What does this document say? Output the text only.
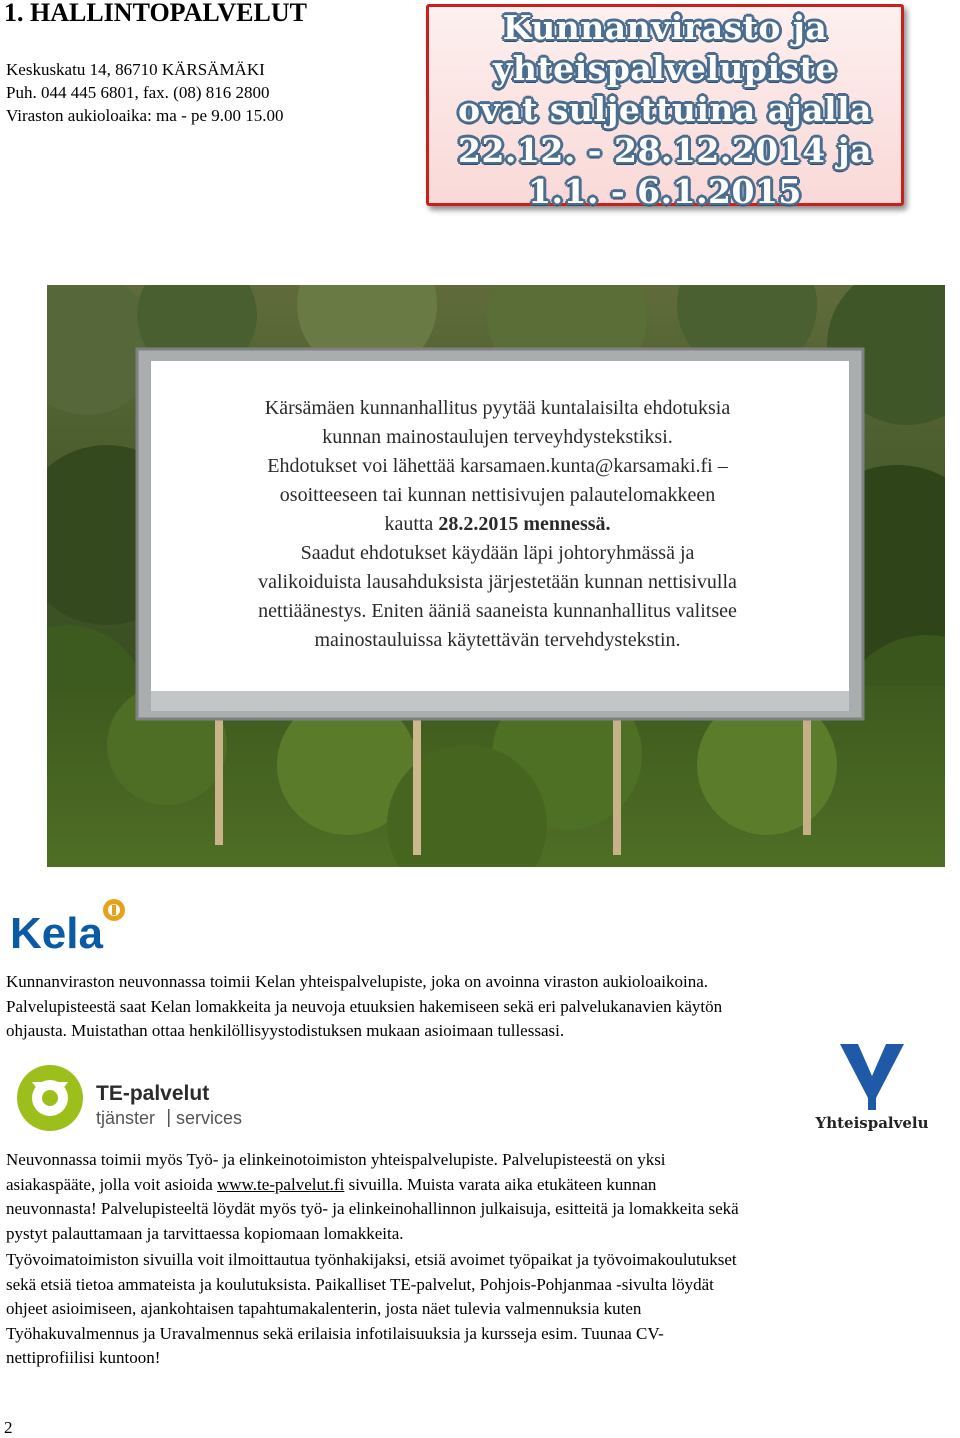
1. HALLINTOPALVELUT
Keskuskatu 14, 86710 KÄRSÄMÄKI
Puh. 044 445 6801, fax. (08) 816 2800
Viraston aukioloaika: ma - pe 9.00 15.00
Kunnanvirasto ja
yhteispalvelupiste
ovat suljettuina ajalla
22.12. - 28.12.2014 ja
1.1. - 6.1.2015
Kärsämäen kunnanhallitus pyytää kuntalaisilta ehdotuksia
kunnan mainostaulujen terveyhdystekstiksi.
Ehdotukset voi lähettää karsamaen.kunta@karsamaki.fi –
osoitteeseen tai kunnan nettisivujen palautelomakkeen
kautta 28.2.2015 mennessä.
Saadut ehdotukset käydään läpi johtoryhmässä ja
valikoiduista lausahduksista järjestetään kunnan nettisivulla
nettiäänestys. Eniten ääniä saaneista kunnanhallitus valitsee
mainostauluissa käytettävän tervehdystekstin.
Kela
Kunnanviraston neuvonnassa toimii Kelan yhteispalvelupiste, joka on avoinna viraston aukioloaikoina.
Palvelupisteestä saat Kelan lomakkeita ja neuvoja etuuksien hakemiseen sekä eri palvelukanavien käytön
ohjausta. Muistathan ottaa henkilöllisyystodistuksen mukaan asioimaan tullessasi.
TE-palvelut
tjänster services	Yhteispalvelu
Neuvonnassa toimii myös Työ- ja elinkeinotoimiston yhteispalvelupiste. Palvelupisteestä on yksi
asiakaspääte, jolla voit asioida www.te-palvelut.fi sivuilla. Muista varata aika etukäteen kunnan
neuvonnasta! Palvelupisteeltä löydät myös työ- ja elinkeinohallinnon julkaisuja, esitteitä ja lomakkeita sekä
pystyt palauttamaan ja tarvittaessa kopiomaan lomakkeita.
Työvoimatoimiston sivuilla voit ilmoittautua työnhakijaksi, etsiä avoimet työpaikat ja työvoimakoulutukset
sekä etsiä tietoa ammateista ja koulutuksista. Paikalliset TE-palvelut, Pohjois-Pohjanmaa -sivulta löydät
ohjeet asioimiseen, ajankohtaisen tapahtumakalenterin, josta näet tulevia valmennuksia kuten
Työhakuvalmennus ja Uravalmennus sekä erilaisia infotilaisuuksia ja kursseja esim. Tuunaa CV-
nettiprofiilisi kuntoon!
2
